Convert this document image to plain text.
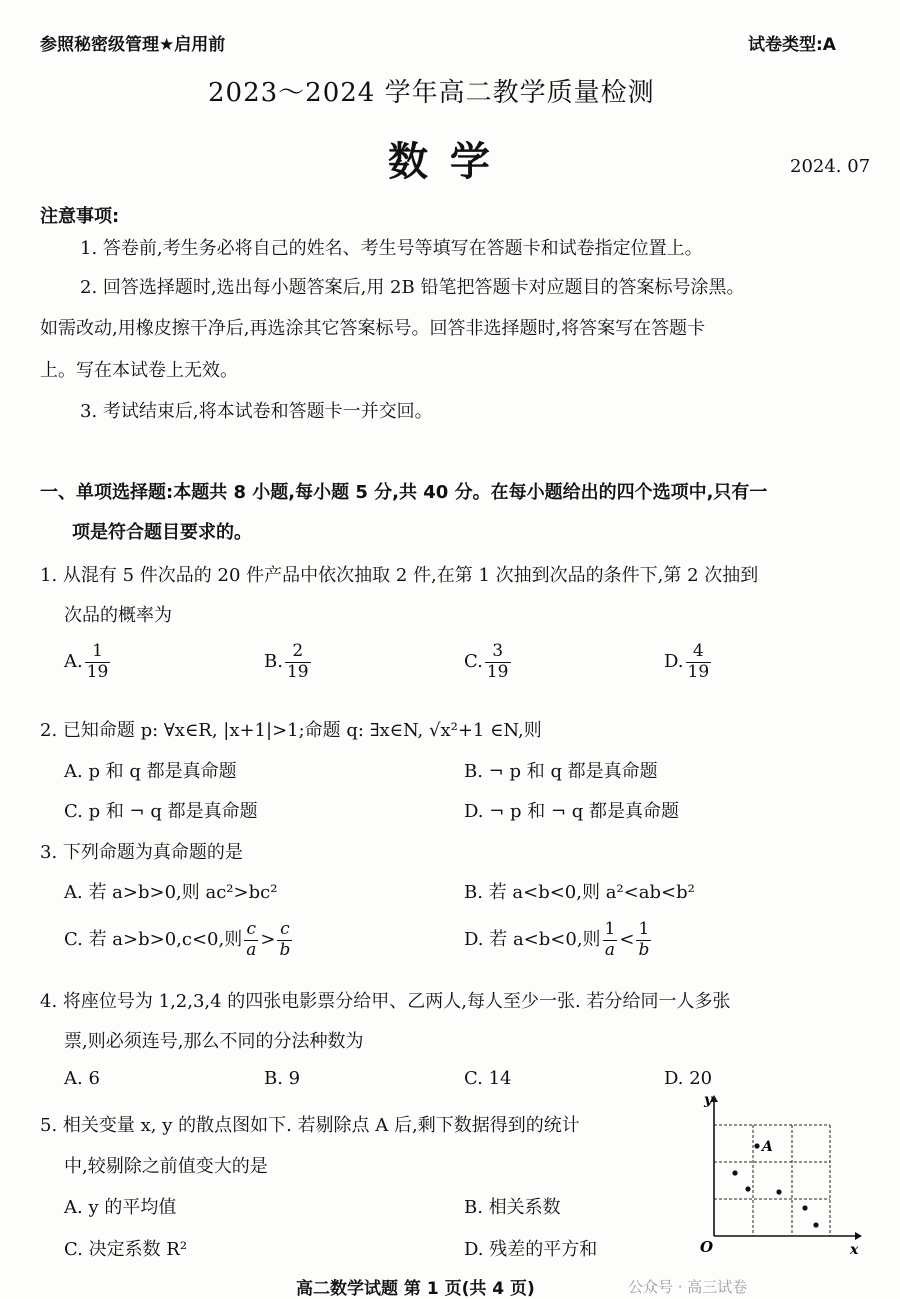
参照秘密级管理★启用前	试卷类型:A
2023～2024 学年高二教学质量检测
数 学	2024. 07
注意事项:
1. 答卷前,考生务必将自己的姓名、考生号等填写在答题卡和试卷指定位置上。
2. 回答选择题时,选出每小题答案后,用 2B 铅笔把答题卡对应题目的答案标号涂黑。
如需改动,用橡皮擦干净后,再选涂其它答案标号。回答非选择题时,将答案写在答题卡
上。写在本试卷上无效。
3. 考试结束后,将本试卷和答题卡一并交回。
一、单项选择题:本题共 8 小题,每小题 5 分,共 40 分。在每小题给出的四个选项中,只有一
项是符合题目要求的。
1. 从混有 5 件次品的 20 件产品中依次抽取 2 件,在第 1 次抽到次品的条件下,第 2 次抽到
次品的概率为
A. $\frac{1}{19}$	B. $\frac{2}{19}$	C. $\frac{3}{19}$	D. $\frac{4}{19}$
2. 已知命题 p: ∀x∈R, |x+1|>1;命题 q: ∃x∈N, √x²+1 ∈N,则
A. p 和 q 都是真命题	B. ¬ p 和 q 都是真命题
C. p 和 ¬ q 都是真命题	D. ¬ p 和 ¬ q 都是真命题
3. 下列命题为真命题的是
A. 若 a>b>0,则 ac²>bc²	B. 若 a<b<0,则 a²<ab<b²
C. 若 a>b>0,c<0,则 $\frac{c}{a} > \frac{c}{b}$	D. 若 a<b<0,则 $\frac{1}{a} < \frac{1}{b}$
4. 将座位号为 1,2,3,4 的四张电影票分给甲、乙两人,每人至少一张. 若分给同一人多张
票,则必须连号,那么不同的分法种数为
A. 6	B. 9	C. 14	D. 20
5. 相关变量 x, y 的散点图如下. 若剔除点 A 后,剩下数据得到的统计
中,较剔除之前值变大的是
A. y 的平均值	B. 相关系数
C. 决定系数 R²	D. 残差的平方和
A
y
x
O
高二数学试题 第 1 页(共 4 页)	公众号 · 高三试卷
